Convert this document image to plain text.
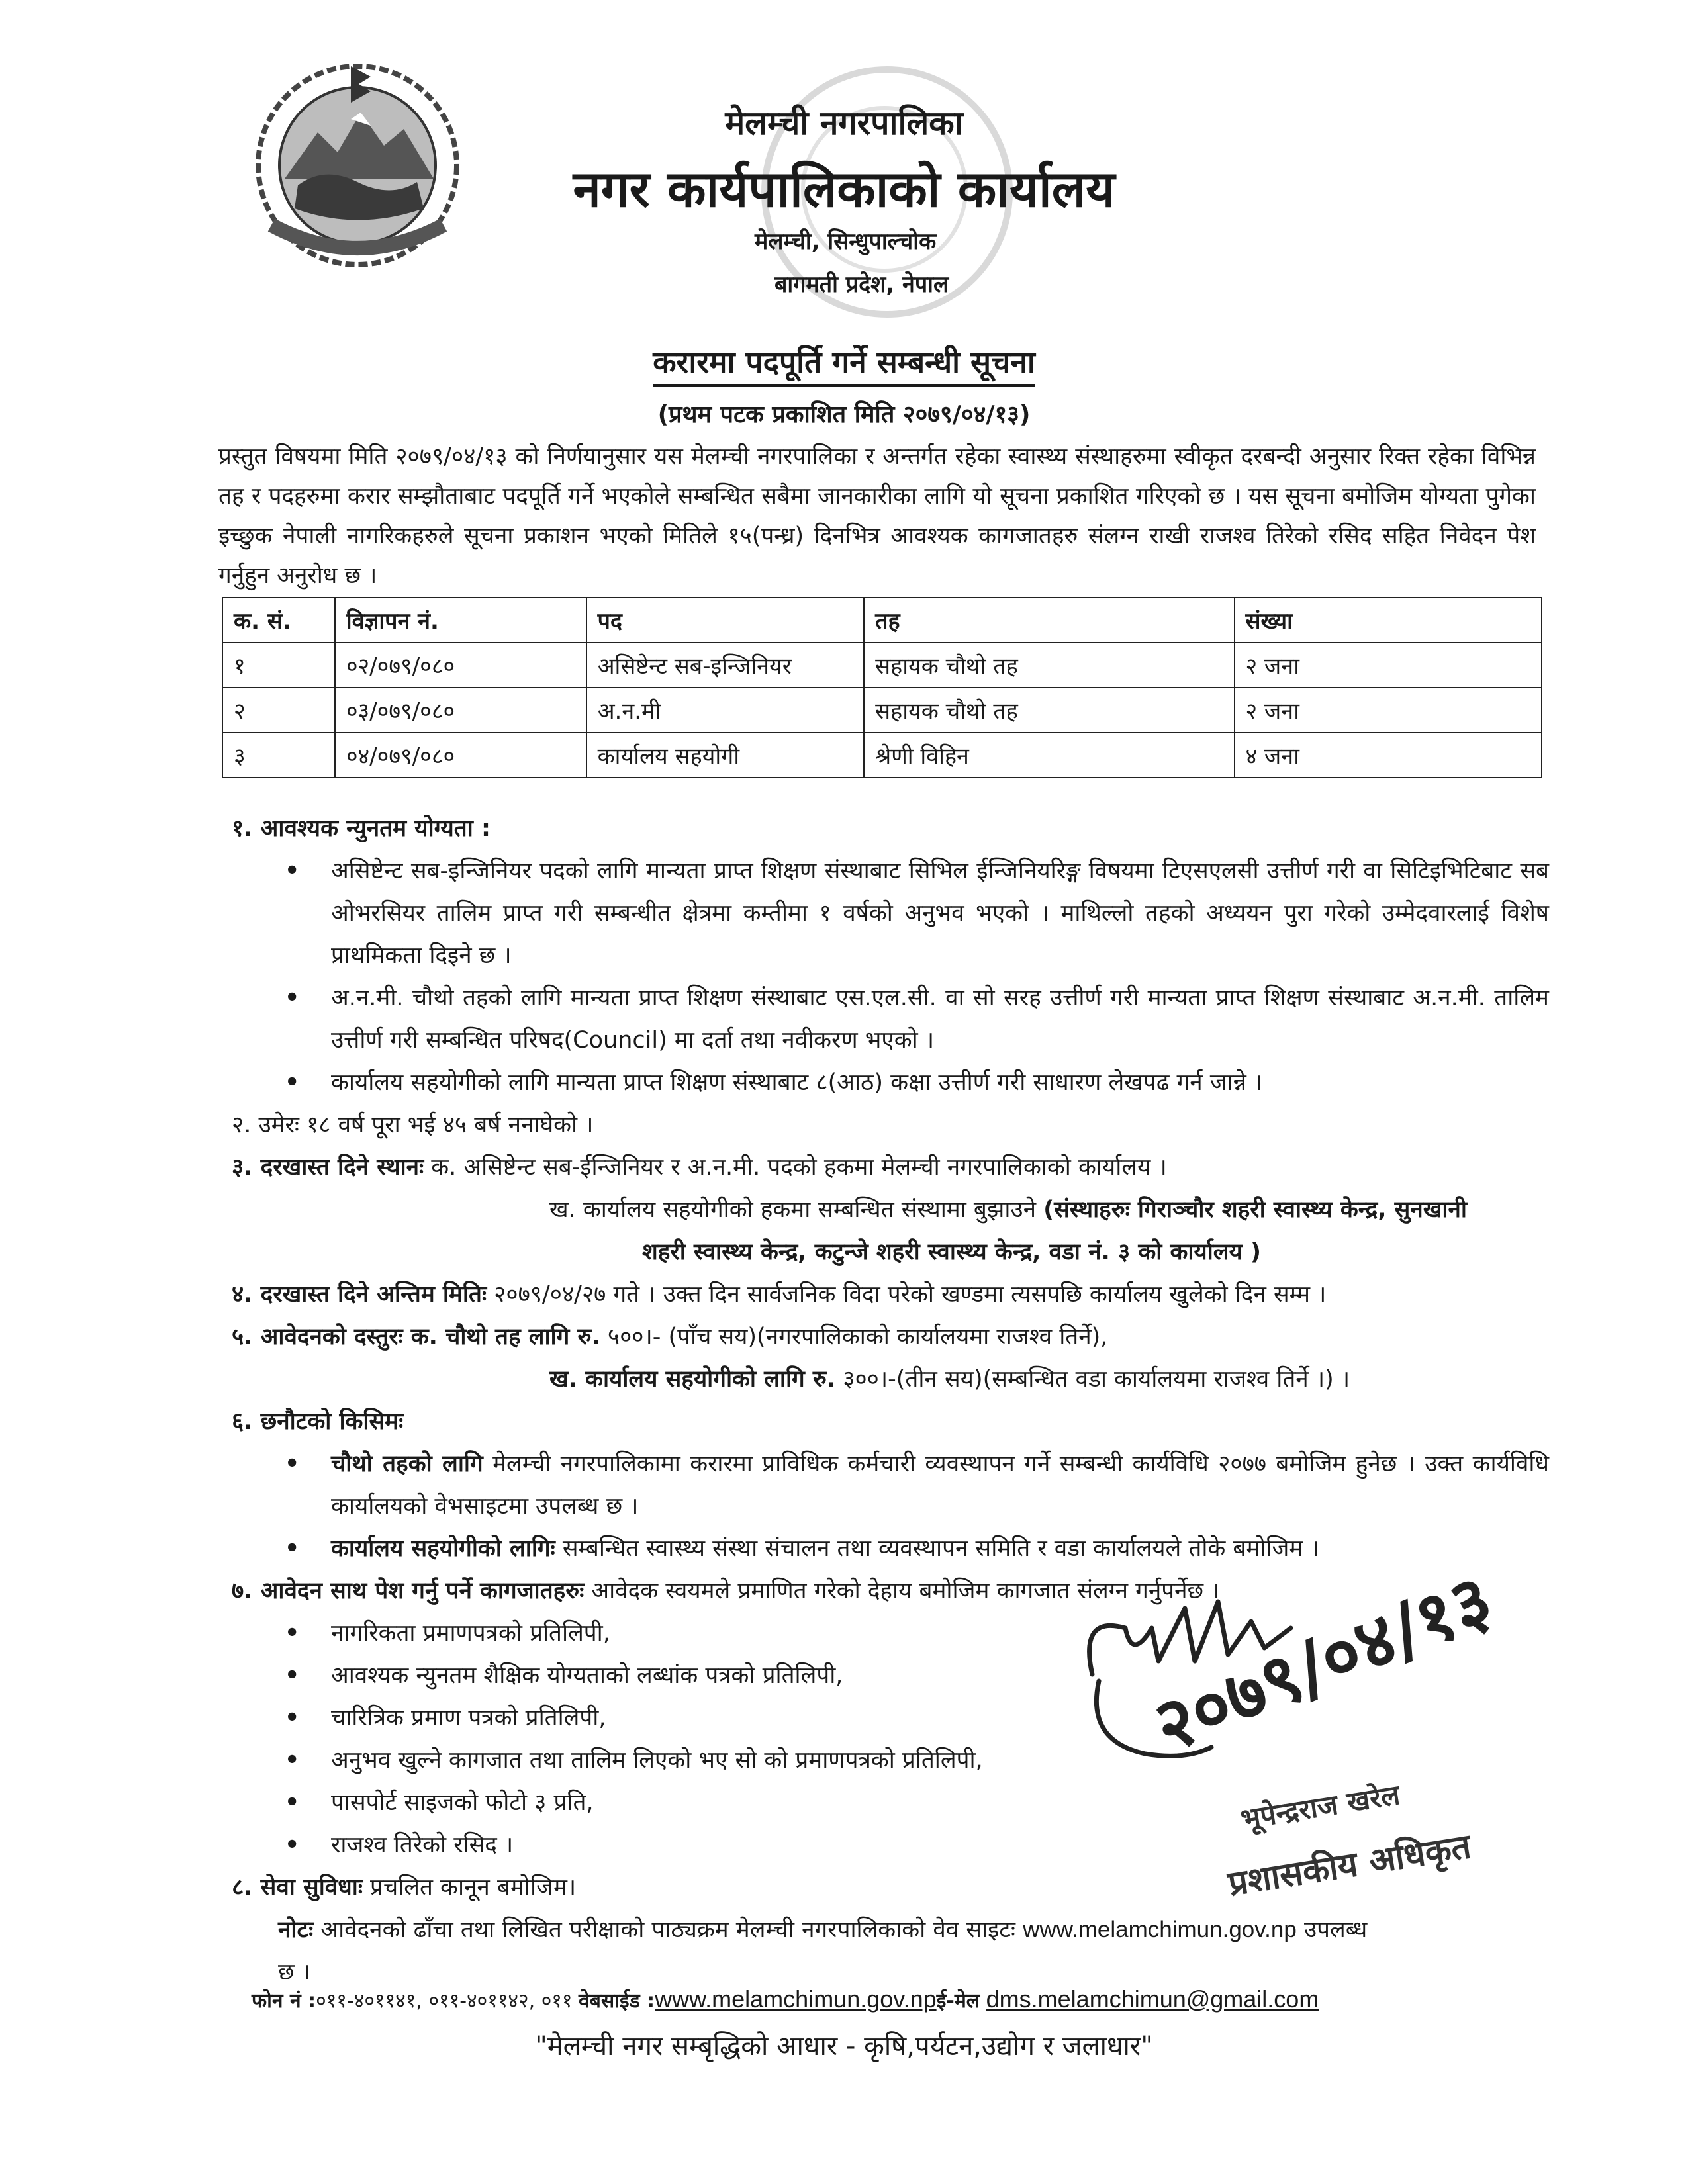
मेलम्ची नगरपालिका
नगर कार्यपालिकाको कार्यालय
मेलम्ची, सिन्धुपाल्चोक
बागमती प्रदेश, नेपाल
करारमा पदपूर्ति गर्ने सम्बन्धी सूचना
(प्रथम पटक प्रकाशित मिति २०७९/०४/१३)
प्रस्तुत विषयमा मिति २०७९/०४/१३ को निर्णयानुसार यस मेलम्ची नगरपालिका र अन्तर्गत रहेका स्वास्थ्य संस्थाहरुमा स्वीकृत दरबन्दी अनुसार रिक्त रहेका विभिन्न तह र पदहरुमा करार सम्झौताबाट पदपूर्ति गर्ने भएकोले सम्बन्धित सबैमा जानकारीका लागि यो सूचना प्रकाशित गरिएको छ । यस सूचना बमोजिम योग्यता पुगेका इच्छुक नेपाली नागरिकहरुले सूचना प्रकाशन भएको मितिले १५(पन्ध्र) दिनभित्र आवश्यक कागजातहरु संलग्न राखी राजश्व तिरेको रसिद सहित निवेदन पेश गर्नुहुन अनुरोध छ ।
क. सं.	विज्ञापन नं.	पद	तह	संख्या
१	०२/०७९/०८०	असिष्टेन्ट सब-इन्जिनियर	सहायक चौथो तह	२ जना
२	०३/०७९/०८०	अ.न.मी	सहायक चौथो तह	२ जना
३	०४/०७९/०८०	कार्यालय सहयोगी	श्रेणी विहिन	४ जना
१. आवश्यक न्युनतम योग्यता :
• असिष्टेन्ट सब-इन्जिनियर पदको लागि मान्यता प्राप्त शिक्षण संस्थाबाट सिभिल ईन्जिनियरिङ्ग विषयमा टिएसएलसी उत्तीर्ण गरी वा सिटिइभिटिबाट सब ओभरसियर तालिम प्राप्त गरी सम्बन्धीत क्षेत्रमा कम्तीमा १ वर्षको अनुभव भएको । माथिल्लो तहको अध्ययन पुरा गरेको उम्मेदवारलाई विशेष प्राथमिकता दिइने छ ।
• अ.न.मी. चौथो तहको लागि मान्यता प्राप्त शिक्षण संस्थाबाट एस.एल.सी. वा सो सरह उत्तीर्ण गरी मान्यता प्राप्त शिक्षण संस्थाबाट अ.न.मी. तालिम उत्तीर्ण गरी सम्बन्धित परिषद(Council) मा दर्ता तथा नवीकरण भएको ।
• कार्यालय सहयोगीको लागि मान्यता प्राप्त शिक्षण संस्थाबाट ८(आठ) कक्षा उत्तीर्ण गरी साधारण लेखपढ गर्न जान्ने ।
२. उमेरः १८ वर्ष पूरा भई ४५ बर्ष ननाघेको ।
३. दरखास्त दिने स्थानः क. असिष्टेन्ट सब-ईन्जिनियर र अ.न.मी. पदको हकमा मेलम्ची नगरपालिकाको कार्यालय ।
ख. कार्यालय सहयोगीको हकमा सम्बन्धित संस्थामा बुझाउने (संस्थाहरुः गिराञ्चौर शहरी स्वास्थ्य केन्द्र, सुनखानी
शहरी स्वास्थ्य केन्द्र, कटुन्जे शहरी स्वास्थ्य केन्द्र, वडा नं. ३ को कार्यालय )
४. दरखास्त दिने अन्तिम मितिः २०७९/०४/२७ गते । उक्त दिन सार्वजनिक विदा परेको खण्डमा त्यसपछि कार्यालय खुलेको दिन सम्म ।
५. आवेदनको दस्तुरः क. चौथो तह लागि रु. ५००।- (पाँच सय)(नगरपालिकाको कार्यालयमा राजश्व तिर्ने),
ख. कार्यालय सहयोगीको लागि रु. ३००।-(तीन सय)(सम्बन्धित वडा कार्यालयमा राजश्व तिर्ने ।) ।
६. छनौटको किसिमः
• चौथो तहको लागि मेलम्ची नगरपालिकामा करारमा प्राविधिक कर्मचारी व्यवस्थापन गर्ने सम्बन्धी कार्यविधि २०७७ बमोजिम हुनेछ । उक्त कार्यविधि कार्यालयको वेभसाइटमा उपलब्ध छ ।
• कार्यालय सहयोगीको लागिः सम्बन्धित स्वास्थ्य संस्था संचालन तथा व्यवस्थापन समिति र वडा कार्यालयले तोके बमोजिम ।
७. आवेदन साथ पेश गर्नु पर्ने कागजातहरुः आवेदक स्वयमले प्रमाणित गरेको देहाय बमोजिम कागजात संलग्न गर्नुपर्नेछ ।
• नागरिकता प्रमाणपत्रको प्रतिलिपी,
• आवश्यक न्युनतम शैक्षिक योग्यताको लब्धांक पत्रको प्रतिलिपी,
• चारित्रिक प्रमाण पत्रको प्रतिलिपी,
• अनुभव खुल्ने कागजात तथा तालिम लिएको भए सो को प्रमाणपत्रको प्रतिलिपी,
• पासपोर्ट साइजको फोटो ३ प्रति,
• राजश्व तिरेको रसिद ।
८. सेवा सुविधाः प्रचलित कानून बमोजिम।
नोटः आवेदनको ढाँचा तथा लिखित परीक्षाको पाठ्यक्रम मेलम्ची नगरपालिकाको वेव साइटः www.melamchimun.gov.np उपलब्ध
छ ।
२०७९/०४/१३
भूपेन्द्रराज खरेल
प्रशासकीय अधिकृत
फोन नं :०११-४०११४१, ०११-४०११४२, ०११ वेबसाईड :www.melamchimun.gov.npई-मेल dms.melamchimun@gmail.com
"मेलम्ची नगर सम्बृद्धिको आधार - कृषि,पर्यटन,उद्योग र जलाधार"
